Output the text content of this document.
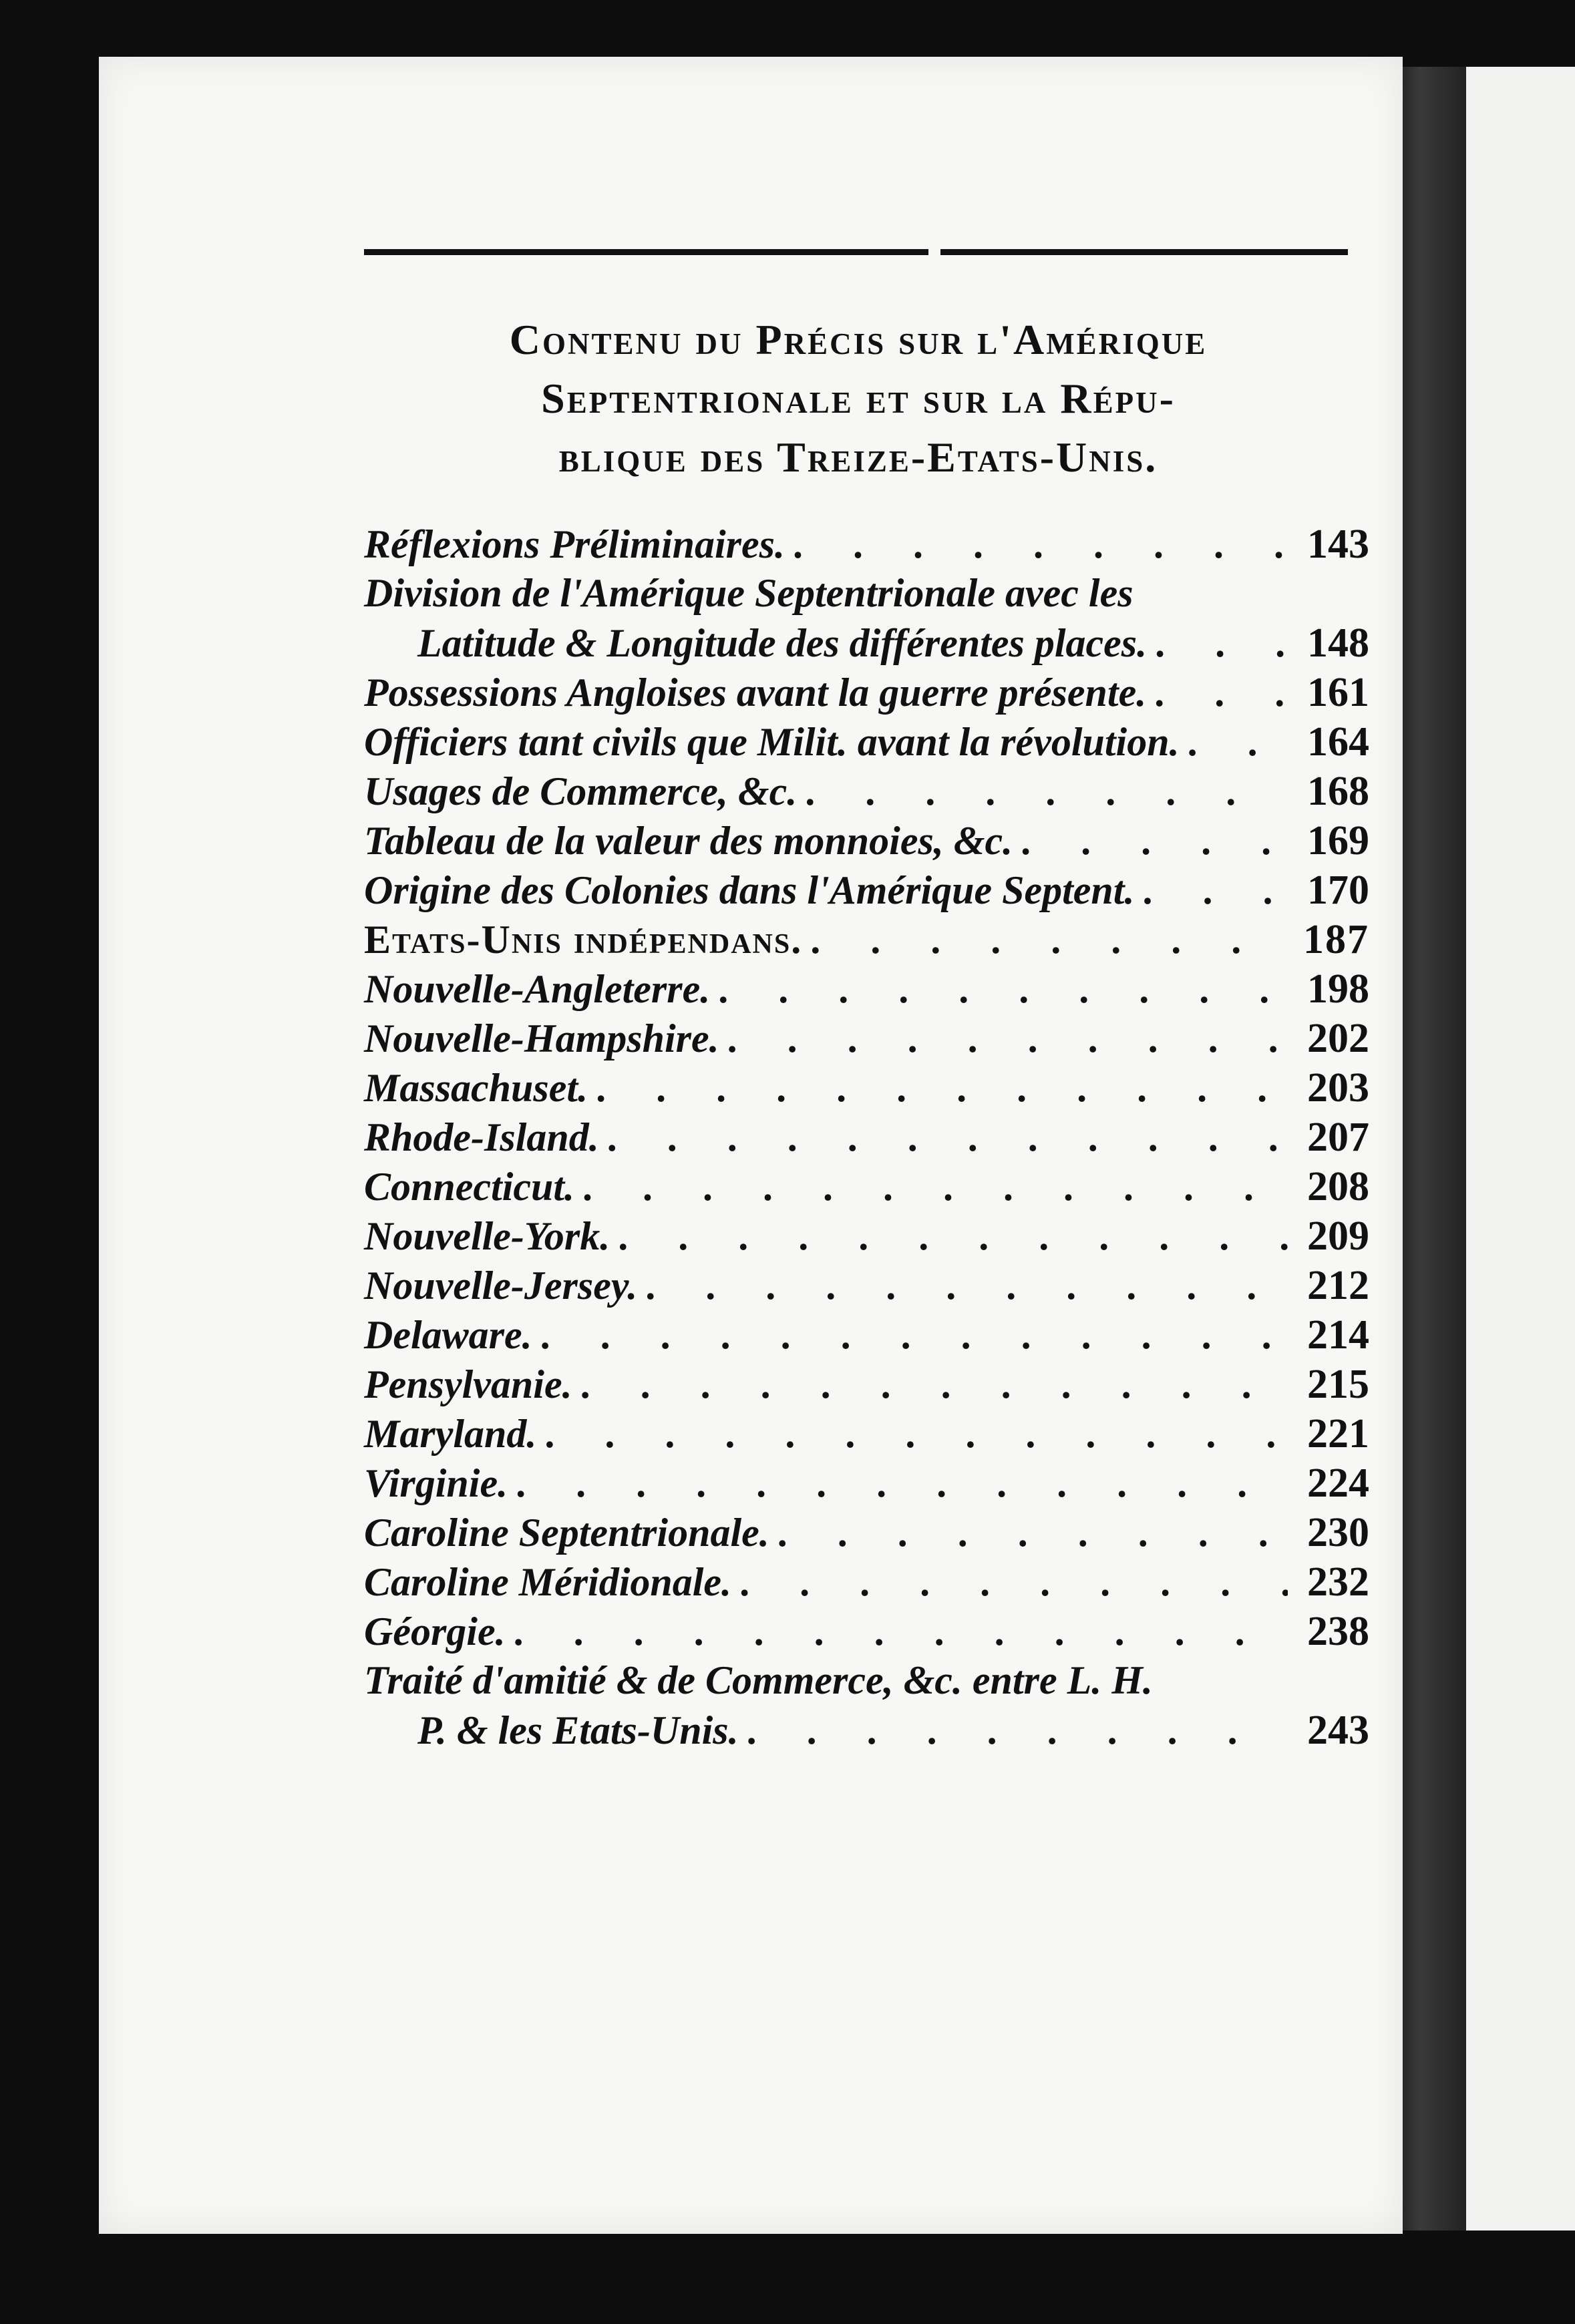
Contenu du Précis sur l'Amérique
Septentrionale et sur la Répu-
blique des Treize-Etats-Unis.
Réflexions Préliminaires. . . .	143
Division de l'Amérique Septentrionale avec les
Latitude & Longitude des différentes places. . . .	148
Possessions Angloises avant la guerre présente. . . .	161
Officiers tant civils que Milit. avant la révolution. . . .	164
Usages de Commerce, &c. . . .	168
Tableau de la valeur des monnoies, &c. . . .	169
Origine des Colonies dans l'Amérique Septent. . . .	170
Etats-Unis indépendans. . . .	187
Nouvelle-Angleterre. . . .	198
Nouvelle-Hampshire. . . .	202
Massachuset. . . .	203
Rhode-Island. . . .	207
Connecticut. . . .	208
Nouvelle-York. . . .	209
Nouvelle-Jersey. . . .	212
Delaware. . . .	214
Pensylvanie. . . .	215
Maryland. . . .	221
Virginie. . . .	224
Caroline Septentrionale. . . .	230
Caroline Méridionale. . . .	232
Géorgie. . . .	238
Traité d'amitié & de Commerce, &c. entre L. H.
P. & les Etats-Unis. . . .	243
